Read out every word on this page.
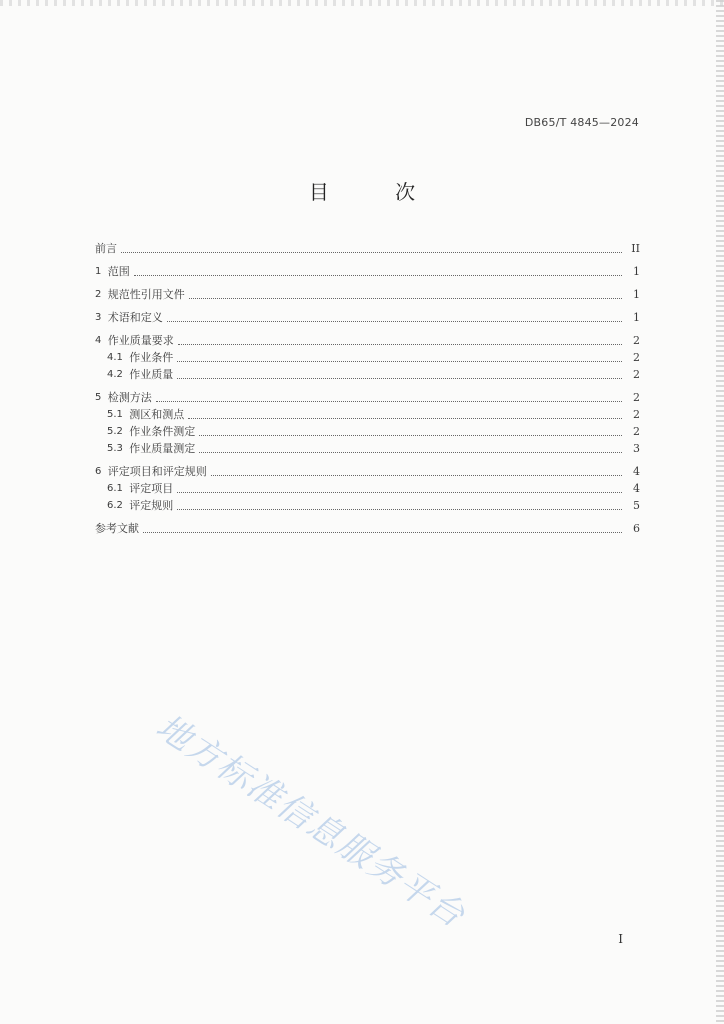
DB65/T 4845—2024
目 次
前言	II
1 范围	1
2 规范性引用文件	1
3 术语和定义	1
4 作业质量要求	2
4.1 作业条件	2
4.2 作业质量	2
5 检测方法	2
5.1 测区和测点	2
5.2 作业条件测定	2
5.3 作业质量测定	3
6 评定项目和评定规则	4
6.1 评定项目	4
6.2 评定规则	5
参考文献	6
地方标准信息服务平台
I
